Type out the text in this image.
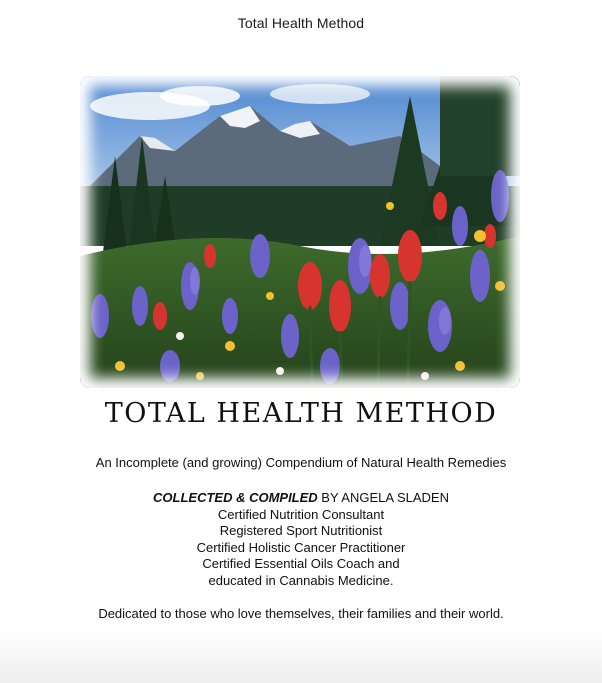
Total Health Method
TOTAL HEALTH METHOD
An Incomplete (and growing) Compendium of Natural Health Remedies
COLLECTED & COMPILED BY ANGELA SLADEN
Certified Nutrition Consultant
Registered Sport Nutritionist
Certified Holistic Cancer Practitioner
Certified Essential Oils Coach and
educated in Cannabis Medicine.
Dedicated to those who love themselves, their families and their world.
